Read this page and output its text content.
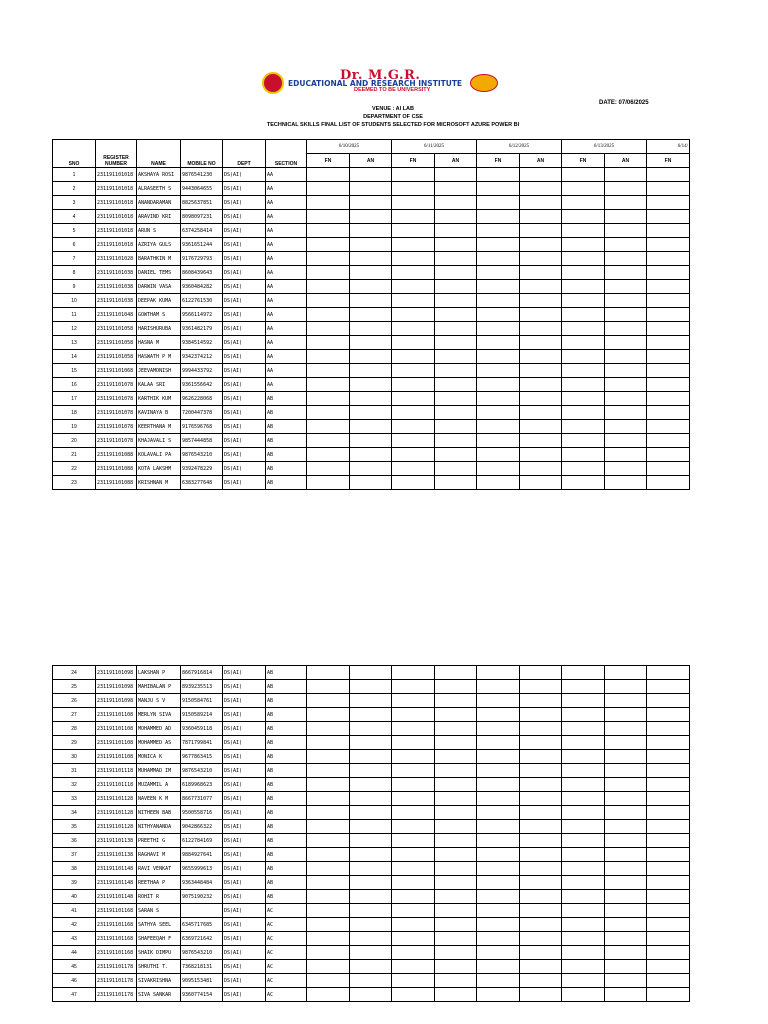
Dr. M.G.R.
EDUCATIONAL AND RESEARCH INSTITUTE
DEEMED TO BE UNIVERSITY
DATE: 07/06/2025
VENUE : AI LAB
DEPARTMENT OF CSE
TECHNICAL SKILLS FINAL LIST OF STUDENTS SELECTED FOR MICROSOFT AZURE POWER BI
SNO	REGISTER NUMBER	NAME	MOBILE NO	DEPT	SECTION	6/10/2025		6/11/2025		6/12/2025		6/13/2025		6/14/
						FN	AN	FN	AN	FN	AN	FN	AN	FN
1	231191101018	AKSHAYA ROSI	9876541230	DS(AI)	AA									
2	231191101018	ALRASEETH S	9443064655	DS(AI)	AA									
3	231191101018	ANANDARAMAN	8825637851	DS(AI)	AA									
4	231191101018	ARAVIND KRI	8098097231	DS(AI)	AA									
5	231191101018	ARUN S	6374258414	DS(AI)	AA									
6	231191101018	AZRIYA GULS	9361651244	DS(AI)	AA									
7	231191101028	BARATHKIN M	9176729793	DS(AI)	AA									
8	231191101038	DANIEL TEMS	8608439643	DS(AI)	AA									
9	231191101038	DARWIN VASA	9360484282	DS(AI)	AA									
10	231191101038	DEEPAK KUMA	6122761530	DS(AI)	AA									
11	231191101048	GOWTHAM S	9566114972	DS(AI)	AA									
12	231191101058	HARISHURUBA	9361482179	DS(AI)	AA									
13	231191101058	HASNA M	9384514592	DS(AI)	AA									
14	231191101058	HASWATH P M	9342374212	DS(AI)	AA									
15	231191101068	JEEVAMONISH	9994433792	DS(AI)	AA									
16	231191101078	KALAA SRI	9361556642	DS(AI)	AA									
17	231191101078	KARTHIK KUM	9626228068	DS(AI)	AB									
18	231191101078	KAVINAYA B	7200447378	DS(AI)	AB									
19	231191101078	KEERTHANA M	9176596768	DS(AI)	AB									
20	231191101078	KHAJAVALI S	9857444858	DS(AI)	AB									
21	231191101088	KOLAVALI PA	9876543210	DS(AI)	AB									
22	231191101088	KOTA LAKSHM	9392478229	DS(AI)	AB									
23	231191101088	KRISHNAN M	6383277648	DS(AI)	AB									
24	231191101098	LAKSHAN P	8667916814	DS(AI)	AB									
25	231191101098	MAHIBALAN P	8939235513	DS(AI)	AB									
26	231191101098	MANJU S V	9150584761	DS(AI)	AB									
27	231191101108	MERLYN SIVA	9150589214	DS(AI)	AB									
28	231191101108	MOHAMMED AD	9360459118	DS(AI)	AB									
29	231191101108	MOHAMMED AS	7871799841	DS(AI)	AB									
30	231191101108	MONICA K	9677863415	DS(AI)	AB									
31	231191101118	MUHAMMAD IM	9876543210	DS(AI)	AB									
32	231191101118	MUZAMMIL A	6189968623	DS(AI)	AB									
33	231191101128	NAVEEN K M	8667731077	DS(AI)	AB									
34	231191101128	NITHEEN BAB	9500558716	DS(AI)	AB									
35	231191101128	NITHYANANDA	9042866322	DS(AI)	AB									
36	231191101138	PREETHI G	6122784169	DS(AI)	AB									
37	231191101138	RAGHAVI M	9884927641	DS(AI)	AB									
38	231191101148	RAVI VENKAT	9655999613	DS(AI)	AB									
39	231191101148	REETHAA P	9363448484	DS(AI)	AB									
40	231191101148	ROHIT R	9075190232	DS(AI)	AB									
41	231191101168	SARAN S		DS(AI)	AC									
42	231191101168	SATHYA SEEL	6345717685	DS(AI)	AC									
43	231191101168	SHAFEEQAH F	6369721642	DS(AI)	AC									
44	231191101168	SHAIK DIMPU	9876543210	DS(AI)	AC									
45	231191101178	SHRUTHI T.	7368218131	DS(AI)	AC									
46	231191101178	SIVAKRISHNA	9095153481	DS(AI)	AC									
47	231191101178	SIVA SANKAR	9360774154	DS(AI)	AC									
